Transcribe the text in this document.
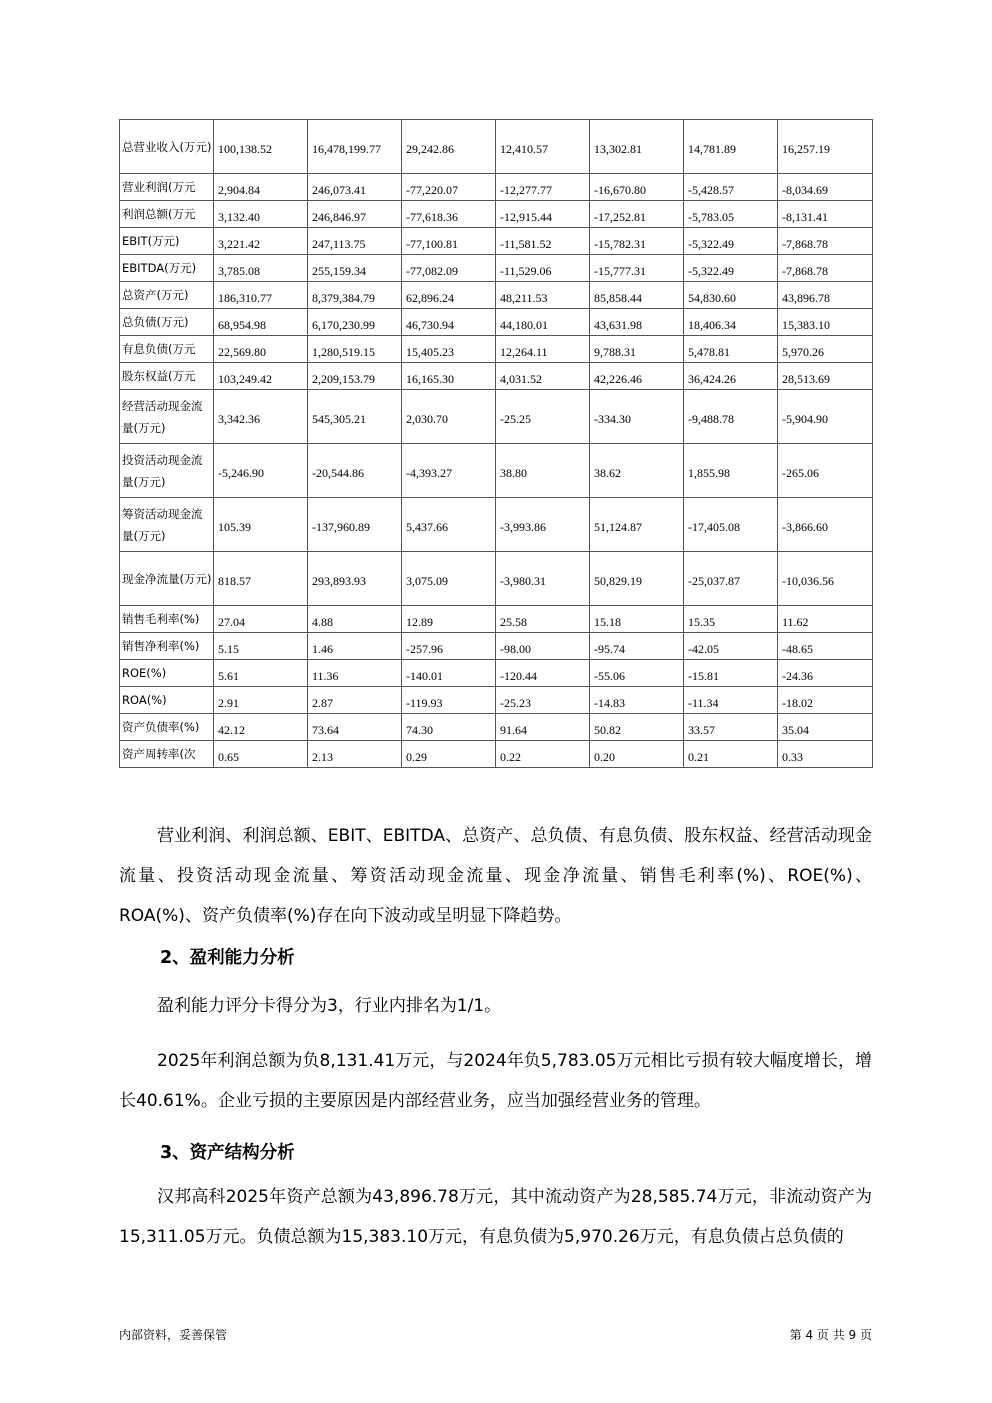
总营业收入(万元)	100,138.52	16,478,199.77	29,242.86	12,410.57	13,302.81	14,781.89	16,257.19	
营业利润(万元	2,904.84	246,073.41	-77,220.07	-12,277.77	-16,670.80	-5,428.57	-8,034.69	
利润总额(万元	3,132.40	246,846.97	-77,618.36	-12,915.44	-17,252.81	-5,783.05	-8,131.41	
EBIT(万元)	3,221.42	247,113.75	-77,100.81	-11,581.52	-15,782.31	-5,322.49	-7,868.78	
EBITDA(万元)	3,785.08	255,159.34	-77,082.09	-11,529.06	-15,777.31	-5,322.49	-7,868.78	
总资产(万元)	186,310.77	8,379,384.79	62,896.24	48,211.53	85,858.44	54,830.60	43,896.78	
总负债(万元)	68,954.98	6,170,230.99	46,730.94	44,180.01	43,631.98	18,406.34	15,383.10	
有息负债(万元	22,569.80	1,280,519.15	15,405.23	12,264.11	9,788.31	5,478.81	5,970.26	
股东权益(万元	103,249.42	2,209,153.79	16,165.30	4,031.52	42,226.46	36,424.26	28,513.69	
经营活动现金流量(万元)	3,342.36	545,305.21	2,030.70	-25.25	-334.30	-9,488.78	-5,904.90	
投资活动现金流量(万元)	-5,246.90	-20,544.86	-4,393.27	38.80	38.62	1,855.98	-265.06	
筹资活动现金流量(万元)	105.39	-137,960.89	5,437.66	-3,993.86	51,124.87	-17,405.08	-3,866.60	
现金净流量(万元)	818.57	293,893.93	3,075.09	-3,980.31	50,829.19	-25,037.87	-10,036.56	
销售毛利率(%)	27.04	4.88	12.89	25.58	15.18	15.35	11.62	
销售净利率(%)	5.15	1.46	-257.96	-98.00	-95.74	-42.05	-48.65	
ROE(%)	5.61	11.36	-140.01	-120.44	-55.06	-15.81	-24.36	
ROA(%)	2.91	2.87	-119.93	-25.23	-14.83	-11.34	-18.02	
资产负债率(%)	42.12	73.64	74.30	91.64	50.82	33.57	35.04	
资产周转率(次	0.65	2.13	0.29	0.22	0.20	0.21	0.33	
营业利润、利润总额、EBIT、EBITDA、总资产、总负债、有息负债、股东权益、经营活动现金流量、投资活动现金流量、筹资活动现金流量、现金净流量、销售毛利率(%)、ROE(%)、ROA(%)、资产负债率(%)存在向下波动或呈明显下降趋势。
2、盈利能力分析
盈利能力评分卡得分为3，行业内排名为1/1。
2025年利润总额为负8,131.41万元，与2024年负5,783.05万元相比亏损有较大幅度增长，增长40.61%。企业亏损的主要原因是内部经营业务，应当加强经营业务的管理。
3、资产结构分析
汉邦高科2025年资产总额为43,896.78万元，其中流动资产为28,585.74万元，非流动资产为15,311.05万元。负债总额为15,383.10万元，有息负债为5,970.26万元，有息负债占总负债的
内部资料，妥善保管	第 4 页 共 9 页
